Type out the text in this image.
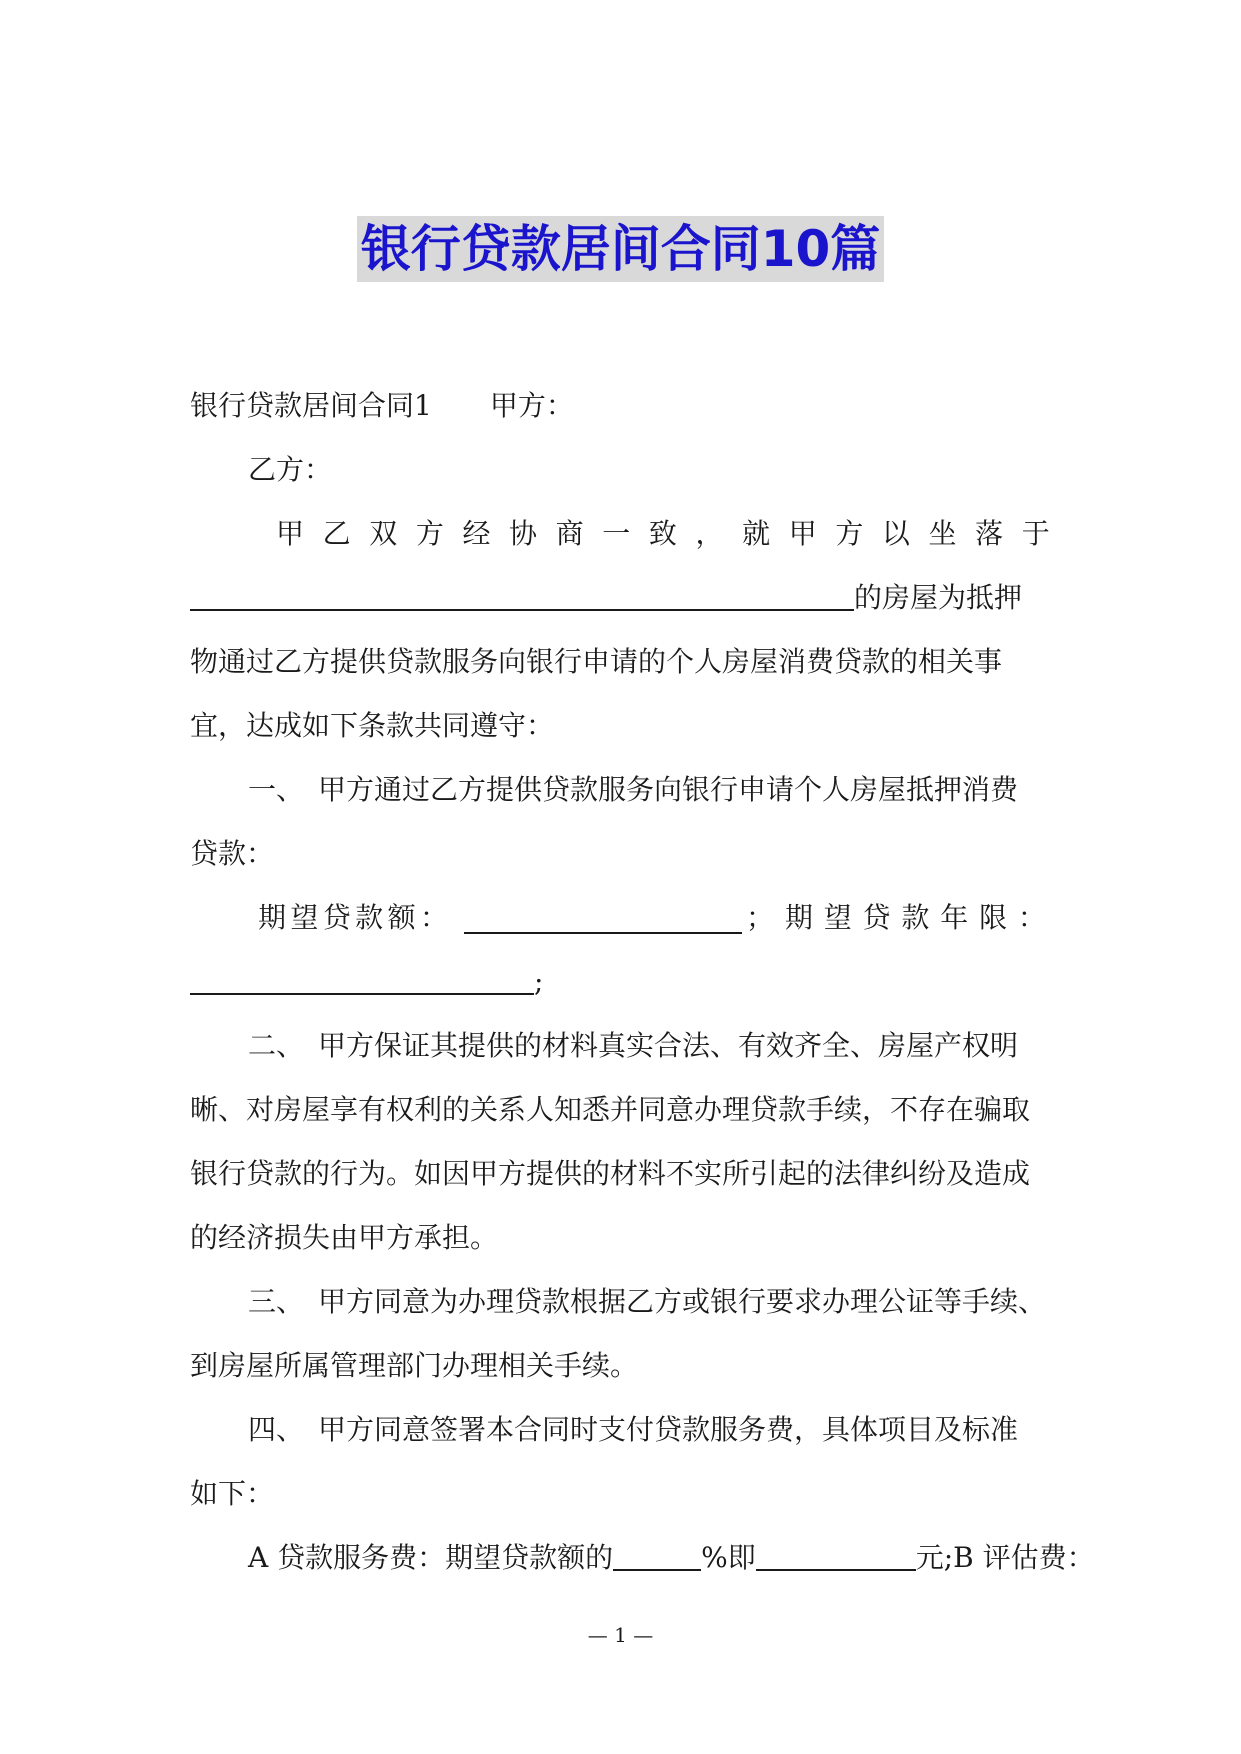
银行贷款居间合同10篇
银行贷款居间合同1 甲方：
乙方：
甲 乙 双 方 经 协 商 一 致 ， 就 甲 方 以 坐 落 于
的房屋为抵押
物通过乙方提供贷款服务向银行申请的个人房屋消费贷款的相关事
宜，达成如下条款共同遵守：
一、　甲方通过乙方提供贷款服务向银行申请个人房屋抵押消费
贷款：
期 望 贷 款 额 ：	； 期 望 贷 款 年 限 ：
;
二、　甲方保证其提供的材料真实合法、有效齐全、房屋产权明
晰、对房屋享有权利的关系人知悉并同意办理贷款手续，不存在骗取
银行贷款的行为。如因甲方提供的材料不实所引起的法律纠纷及造成
的经济损失由甲方承担。
三、　甲方同意为办理贷款根据乙方或银行要求办理公证等手续、
到房屋所属管理部门办理相关手续。
四、　甲方同意签署本合同时支付贷款服务费，具体项目及标准
如下：
A 贷款服务费：期望贷款额的	%即	元;B 评估费：
— 1 —
